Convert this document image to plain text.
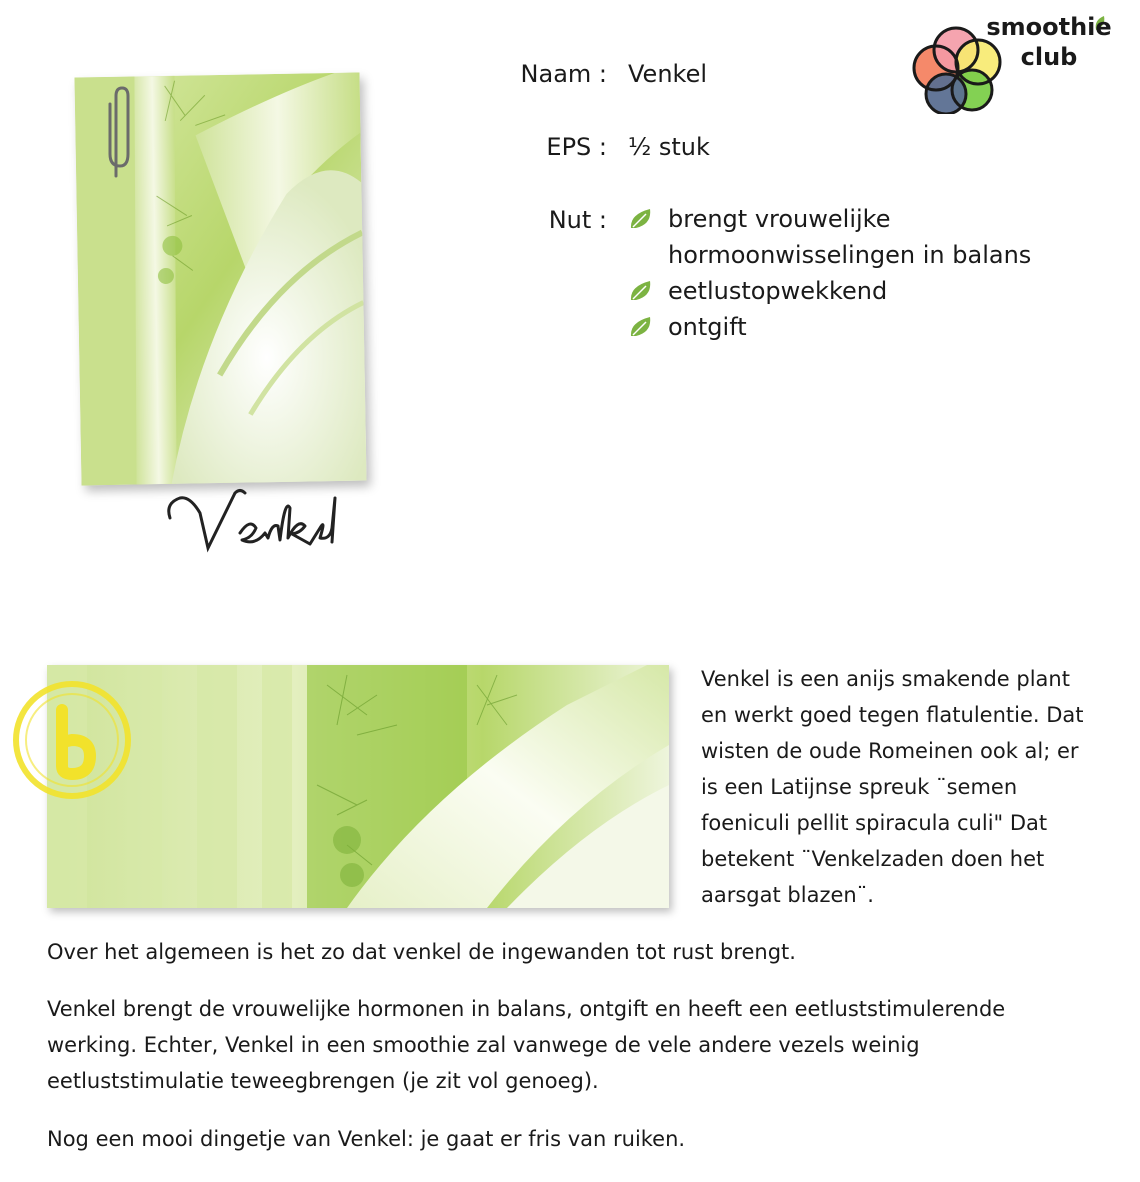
smoothie
club
Naam : Venkel
EPS : ½ stuk
Nut :	brengt vrouwelijke hormoonwisselingen in balans
eetlustopwekkend
ontgift

Venkel is een anijs smakende plant en werkt goed tegen flatulentie. Dat wisten de oude Romeinen ook al; er is een Latijnse spreuk ¨semen foeniculi pellit spiracula culi" Dat betekent ¨Venkelzaden doen het aarsgat blazen¨.

Over het algemeen is het zo dat venkel de ingewanden tot rust brengt.

Venkel brengt de vrouwelijke hormonen in balans, ontgift en heeft een eetluststimulerende werking. Echter, Venkel in een smoothie zal vanwege de vele andere vezels weinig eetluststimulatie teweegbrengen (je zit vol genoeg).

Nog een mooi dingetje van Venkel: je gaat er fris van ruiken.
